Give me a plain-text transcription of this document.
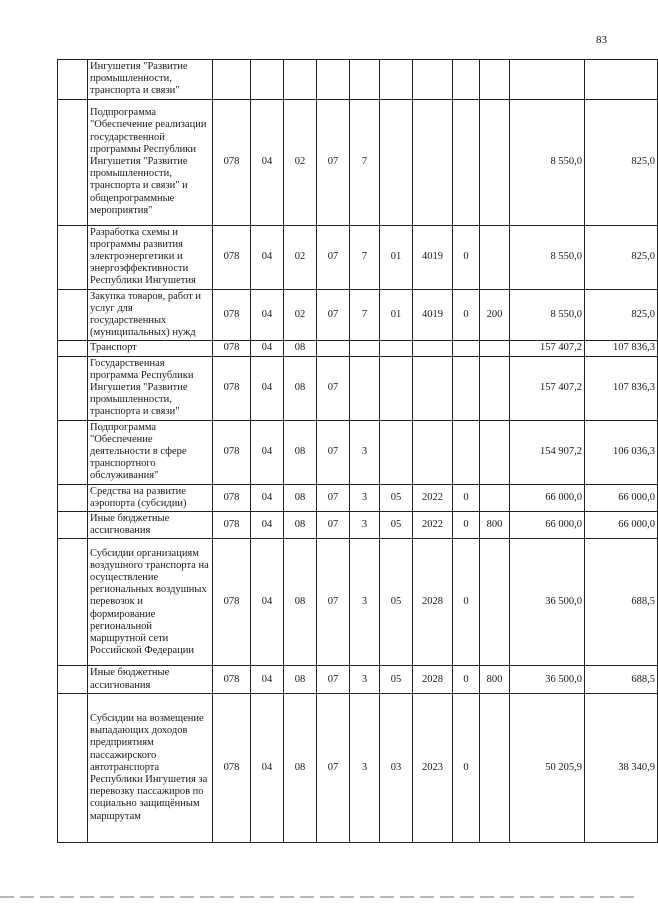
83
	Ингушетия "Развитие промышленности, транспорта и связи"											
	Подпрограмма "Обеспечение реализации государственной программы Республики Ингушетия "Развитие промышленности, транспорта и связи" и общепрограммные мероприятия"	078	04	02	07	7					8 550,0	825,0
	Разработка схемы и программы развития электроэнергетики и энергоэффективности Республики Ингушетия	078	04	02	07	7	01	4019	0		8 550,0	825,0
	Закупка товаров, работ и услуг для государственных (муниципальных) нужд	078	04	02	07	7	01	4019	0	200	8 550,0	825,0
	Транспорт	078	04	08							157 407,2	107 836,3
	Государственная программа Республики Ингушетия "Развитие промышленности, транспорта и связи"	078	04	08	07						157 407,2	107 836,3
	Подпрограмма "Обеспечение деятельности в сфере транспортного обслуживания"	078	04	08	07	3					154 907,2	106 036,3
	Средства на развитие аэропорта (субсидии)	078	04	08	07	3	05	2022	0		66 000,0	66 000,0
	Иные бюджетные ассигнования	078	04	08	07	3	05	2022	0	800	66 000,0	66 000,0
	Субсидии организациям воздушного транспорта на осуществление региональных воздушных перевозок и формирование региональной маршрутной сети Российской Федерации	078	04	08	07	3	05	2028	0		36 500,0	688,5
	Иные бюджетные ассигнования	078	04	08	07	3	05	2028	0	800	36 500,0	688,5
	Субсидии на возмещение выпадающих доходов предприятиям пассажирского автотранспорта Республики Ингушетия за перевозку пассажиров по социально защищённым маршрутам	078	04	08	07	3	03	2023	0		50 205,9	38 340,9
